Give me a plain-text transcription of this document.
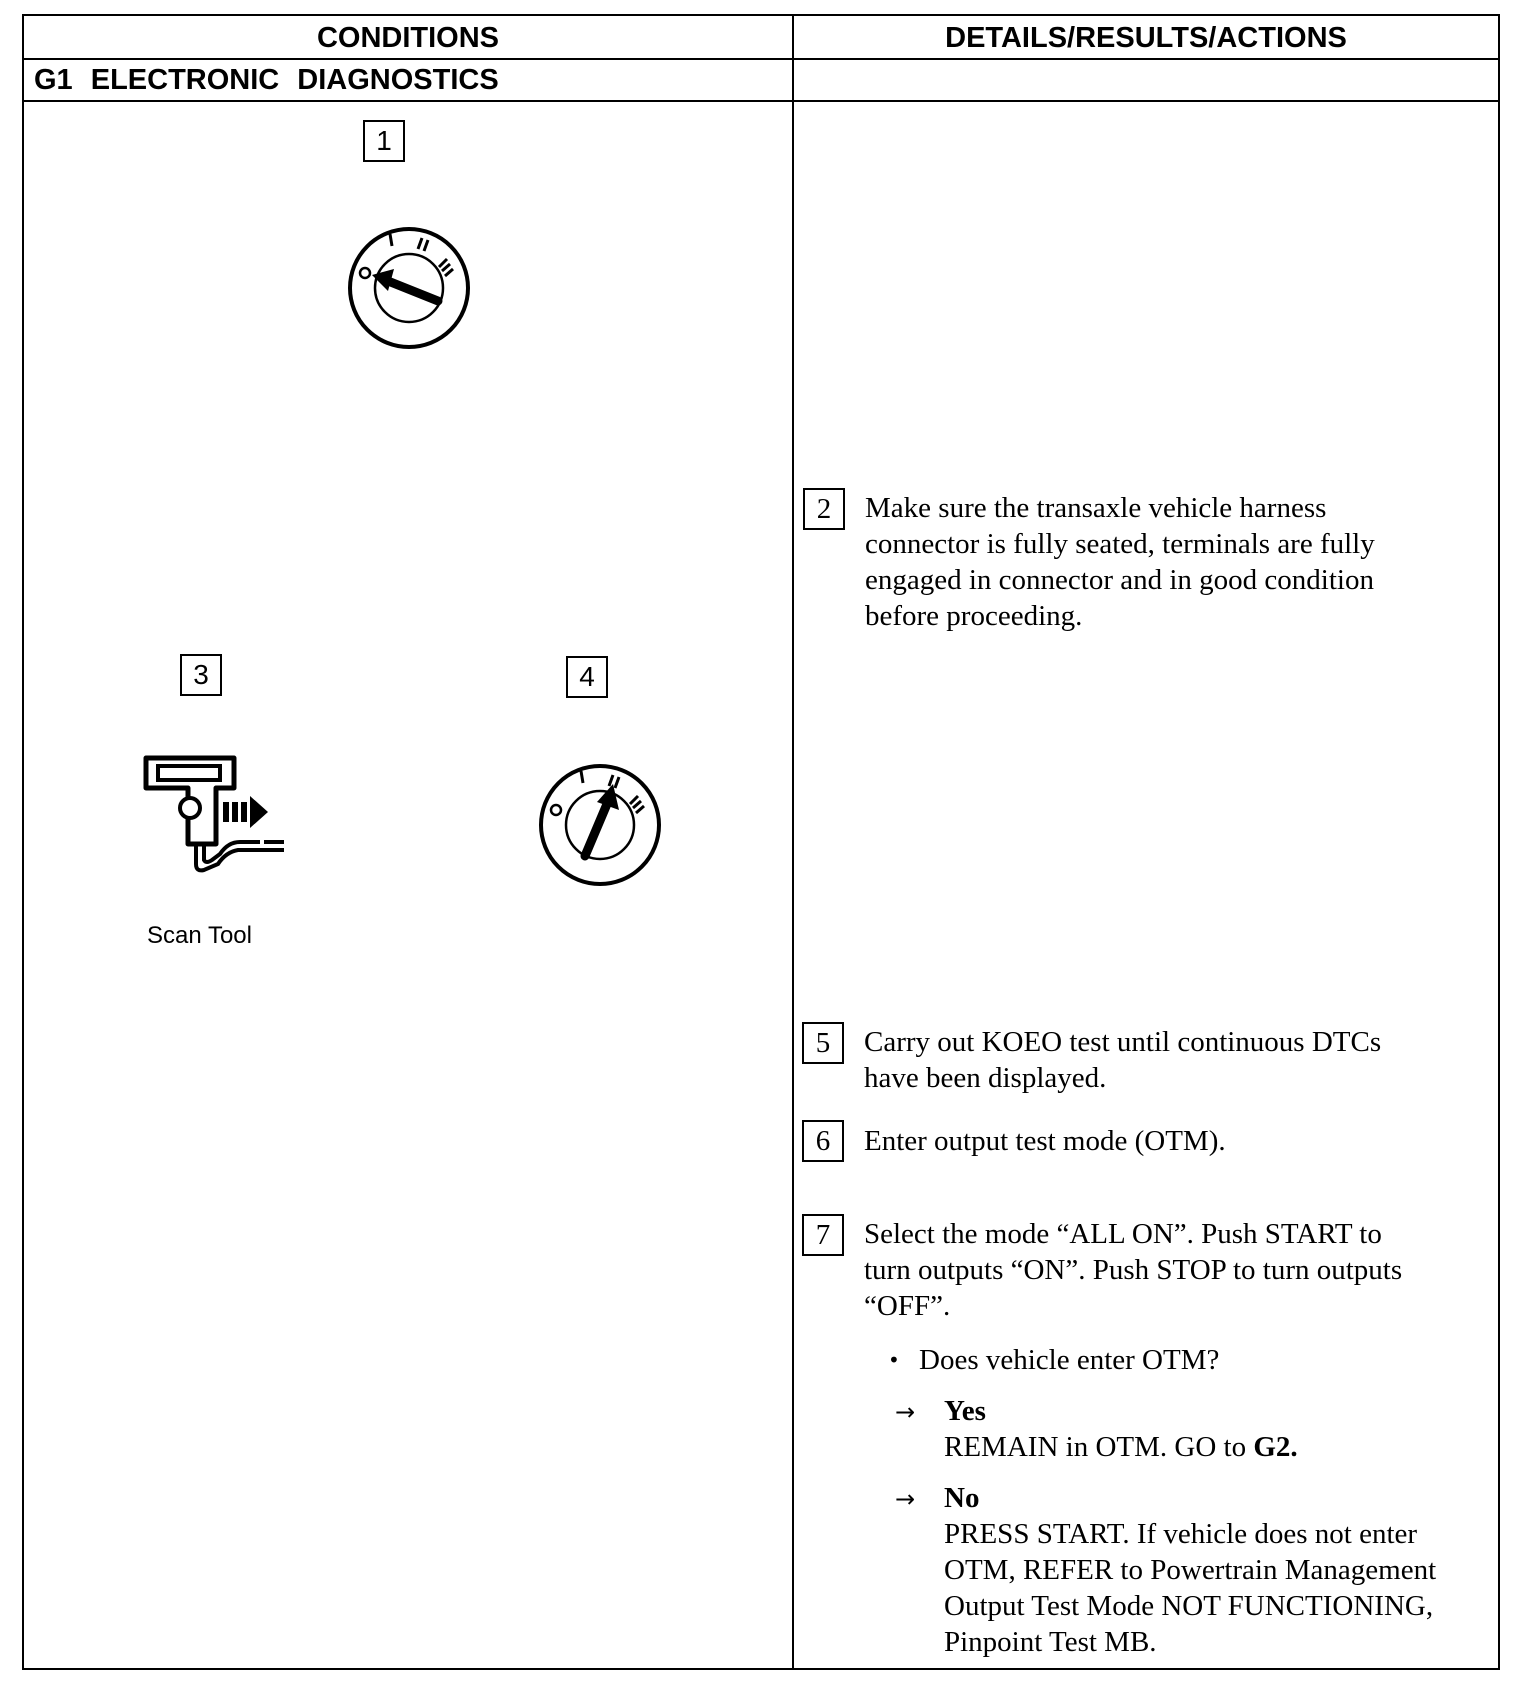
CONDITIONS	DETAILS/RESULTS/ACTIONS
G1 ELECTRONIC DIAGNOSTICS
1
3	4
Scan Tool
2	Make sure the transaxle vehicle harness
connector is fully seated, terminals are fully
engaged in connector and in good condition
before proceeding.
5	Carry out KOEO test until continuous DTCs
have been displayed.
6	Enter output test mode (OTM).
7	Select the mode “ALL ON”. Push START to
turn outputs “ON”. Push STOP to turn outputs
“OFF”.
• Does vehicle enter OTM?
→ Yes
REMAIN in OTM. GO to G2.
→ No
PRESS START. If vehicle does not enter
OTM, REFER to Powertrain Management
Output Test Mode NOT FUNCTIONING,
Pinpoint Test MB.
